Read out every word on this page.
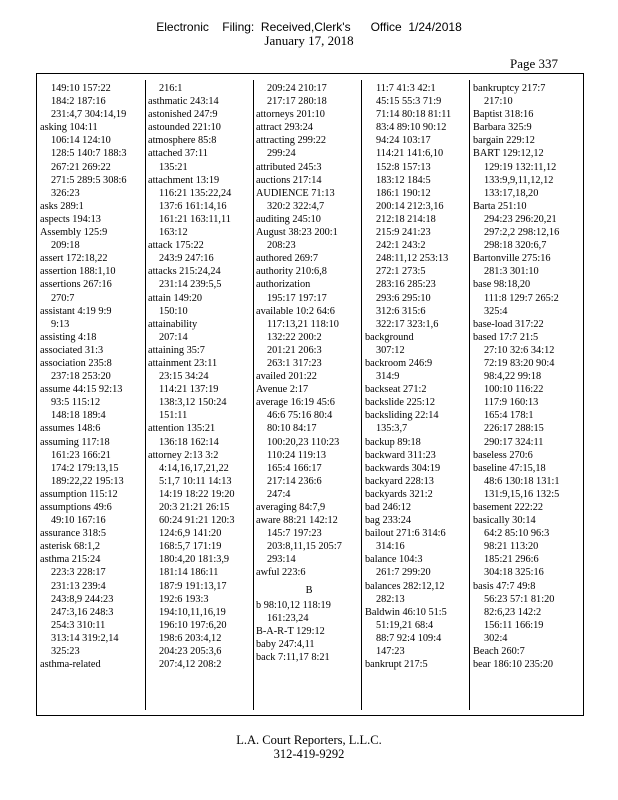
Electronic    Filing:  Received,Clerk's      Office  1/24/2018
January 17, 2018
Page 337
149:10 157:22
184:2 187:16
231:4,7 304:14,19
asking 104:11
106:14 124:10
128:5 140:7 188:3
267:21 269:22
271:5 289:5 308:6
326:23
asks 289:1
aspects 194:13
Assembly 125:9
209:18
assert 172:18,22
assertion 188:1,10
assertions 267:16
270:7
assistant 4:19 9:9
9:13
assisting 4:18
associated 31:3
association 235:8
237:18 253:20
assume 44:15 92:13
93:5 115:12
148:18 189:4
assumes 148:6
assuming 117:18
161:23 166:21
174:2 179:13,15
189:22,22 195:13
assumption 115:12
assumptions 49:6
49:10 167:16
assurance 318:5
asterisk 68:1,2
asthma 215:24
223:3 228:17
231:13 239:4
243:8,9 244:23
247:3,16 248:3
254:3 310:11
313:14 319:2,14
325:23
asthma-related
216:1
asthmatic 243:14
astonished 247:9
astounded 221:10
atmosphere 85:8
attached 37:11
135:21
attachment 13:19
116:21 135:22,24
137:6 161:14,16
161:21 163:11,11
163:12
attack 175:22
243:9 247:16
attacks 215:24,24
231:14 239:5,5
attain 149:20
150:10
attainability
207:14
attaining 35:7
attainment 23:11
23:15 34:24
114:21 137:19
138:3,12 150:24
151:11
attention 135:21
136:18 162:14
attorney 2:13 3:2
4:14,16,17,21,22
5:1,7 10:11 14:13
14:19 18:22 19:20
20:3 21:21 26:15
60:24 91:21 120:3
124:6,9 141:20
168:5,7 171:19
180:4,20 181:3,9
181:14 186:11
187:9 191:13,17
192:6 193:3
194:10,11,16,19
196:10 197:6,20
198:6 203:4,12
204:23 205:3,6
207:4,12 208:2
209:24 210:17
217:17 280:18
attorneys 201:10
attract 293:24
attracting 299:22
299:24
attributed 245:3
auctions 217:14
AUDIENCE 71:13
320:2 322:4,7
auditing 245:10
August 38:23 200:1
208:23
authored 269:7
authority 210:6,8
authorization
195:17 197:17
available 10:2 64:6
117:13,21 118:10
132:22 200:2
201:21 206:3
263:1 317:23
availed 201:22
Avenue 2:17
average 16:19 45:6
46:6 75:16 80:4
80:10 84:17
100:20,23 110:23
110:24 119:13
165:4 166:17
217:14 236:6
247:4
averaging 84:7,9
aware 88:21 142:12
145:7 197:23
203:8,11,15 205:7
293:14
awful 223:6
B
b 98:10,12 118:19
161:23,24
B-A-R-T 129:12
baby 247:4,11
back 7:11,17 8:21
11:7 41:3 42:1
45:15 55:3 71:9
71:14 80:18 81:11
83:4 89:10 90:12
94:24 103:17
114:21 141:6,10
152:8 157:13
183:12 184:5
186:1 190:12
200:14 212:3,16
212:18 214:18
215:9 241:23
242:1 243:2
248:11,12 253:13
272:1 273:5
283:16 285:23
293:6 295:10
312:6 315:6
322:17 323:1,6
background
307:12
backroom 246:9
314:9
backseat 271:2
backslide 225:12
backsliding 22:14
135:3,7
backup 89:18
backward 311:23
backwards 304:19
backyard 228:13
backyards 321:2
bad 246:12
bag 233:24
bailout 271:6 314:6
314:16
balance 104:3
261:7 299:20
balances 282:12,12
282:13
Baldwin 46:10 51:5
51:19,21 68:4
88:7 92:4 109:4
147:23
bankrupt 217:5
bankruptcy 217:7
217:10
Baptist 318:16
Barbara 325:9
bargain 229:12
BART 129:12,12
129:19 132:11,12
133:9,9,11,12,12
133:17,18,20
Barta 251:10
294:23 296:20,21
297:2,2 298:12,16
298:18 320:6,7
Bartonville 275:16
281:3 301:10
base 98:18,20
111:8 129:7 265:2
325:4
base-load 317:22
based 17:7 21:5
27:10 32:6 34:12
72:19 83:20 90:4
98:4,22 99:18
100:10 116:22
117:9 160:13
165:4 178:1
226:17 288:15
290:17 324:11
baseless 270:6
baseline 47:15,18
48:6 130:18 131:1
131:9,15,16 132:5
basement 222:22
basically 30:14
64:2 85:10 96:3
98:21 113:20
185:21 296:6
304:18 325:16
basis 47:7 49:8
56:23 57:1 81:20
82:6,23 142:2
156:11 166:19
302:4
Beach 260:7
bear 186:10 235:20
L.A. Court Reporters, L.L.C.
312-419-9292
